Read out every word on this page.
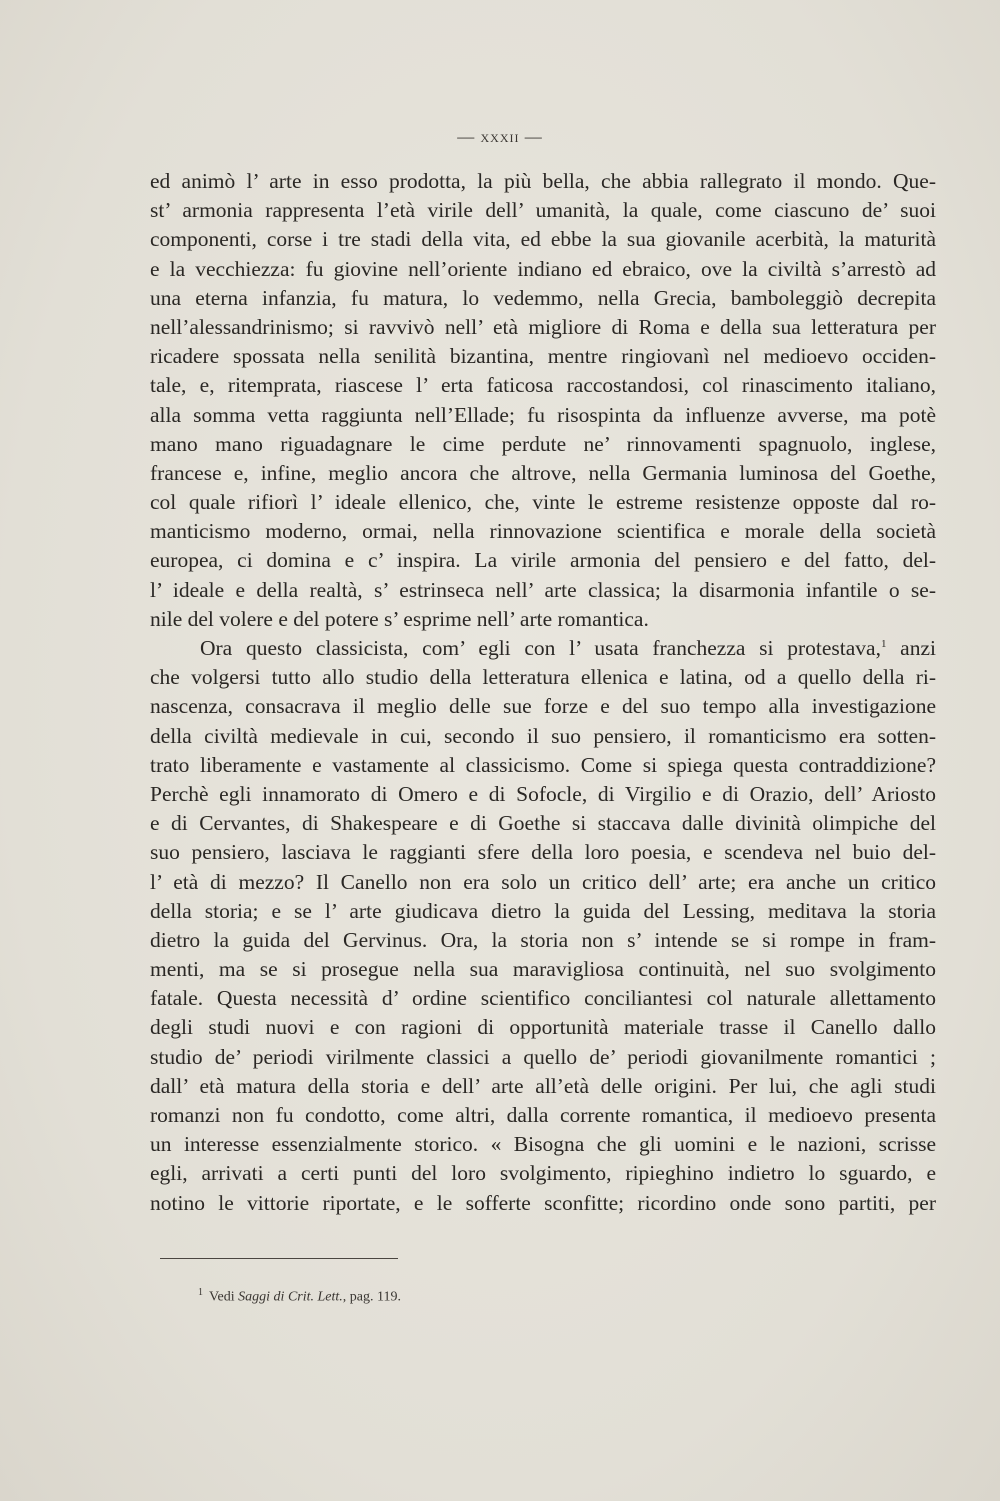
— xxxii —
ed animò l’ arte in esso prodotta, la più bella, che abbia rallegrato il mondo. Que-
st’ armonia rappresenta l’età virile dell’ umanità, la quale, come ciascuno de’ suoi
componenti, corse i tre stadi della vita, ed ebbe la sua giovanile acerbità, la maturità
e la vecchiezza: fu giovine nell’oriente indiano ed ebraico, ove la civiltà s’arrestò ad
una eterna infanzia, fu matura, lo vedemmo, nella Grecia, bamboleggiò decrepita
nell’alessandrinismo; si ravvivò nell’ età migliore di Roma e della sua letteratura per
ricadere spossata nella senilità bizantina, mentre ringiovanì nel medioevo occiden-
tale, e, ritemprata, riascese l’ erta faticosa raccostandosi, col rinascimento italiano,
alla somma vetta raggiunta nell’Ellade; fu risospinta da influenze avverse, ma potè
mano mano riguadagnare le cime perdute ne’ rinnovamenti spagnuolo, inglese,
francese e, infine, meglio ancora che altrove, nella Germania luminosa del Goethe,
col quale rifiorì l’ ideale ellenico, che, vinte le estreme resistenze opposte dal ro-
manticismo moderno, ormai, nella rinnovazione scientifica e morale della società
europea, ci domina e c’ inspira. La virile armonia del pensiero e del fatto, del-
l’ ideale e della realtà, s’ estrinseca nell’ arte classica; la disarmonia infantile o se-
nile del volere e del potere s’ esprime nell’ arte romantica.
Ora questo classicista, com’ egli con l’ usata franchezza si protestava,$^1$ anzi
che volgersi tutto allo studio della letteratura ellenica e latina, od a quello della ri-
nascenza, consacrava il meglio delle sue forze e del suo tempo alla investigazione
della civiltà medievale in cui, secondo il suo pensiero, il romanticismo era sotten-
trato liberamente e vastamente al classicismo. Come si spiega questa contraddizione?
Perchè egli innamorato di Omero e di Sofocle, di Virgilio e di Orazio, dell’ Ariosto
e di Cervantes, di Shakespeare e di Goethe si staccava dalle divinità olimpiche del
suo pensiero, lasciava le raggianti sfere della loro poesia, e scendeva nel buio del-
l’ età di mezzo? Il Canello non era solo un critico dell’ arte; era anche un critico
della storia; e se l’ arte giudicava dietro la guida del Lessing, meditava la storia
dietro la guida del Gervinus. Ora, la storia non s’ intende se si rompe in fram-
menti, ma se si prosegue nella sua maravigliosa continuità, nel suo svolgimento
fatale. Questa necessità d’ ordine scientifico conciliantesi col naturale allettamento
degli studi nuovi e con ragioni di opportunità materiale trasse il Canello dallo
studio de’ periodi virilmente classici a quello de’ periodi giovanilmente romantici ;
dall’ età matura della storia e dell’ arte all’età delle origini. Per lui, che agli studi
romanzi non fu condotto, come altri, dalla corrente romantica, il medioevo presenta
un interesse essenzialmente storico. « Bisogna che gli uomini e le nazioni, scrisse
egli, arrivati a certi punti del loro svolgimento, ripieghino indietro lo sguardo, e
notino le vittorie riportate, e le sofferte sconfitte; ricordino onde sono partiti, per
$^1$ Vedi Saggi di Crit. Lett., pag. 119.
